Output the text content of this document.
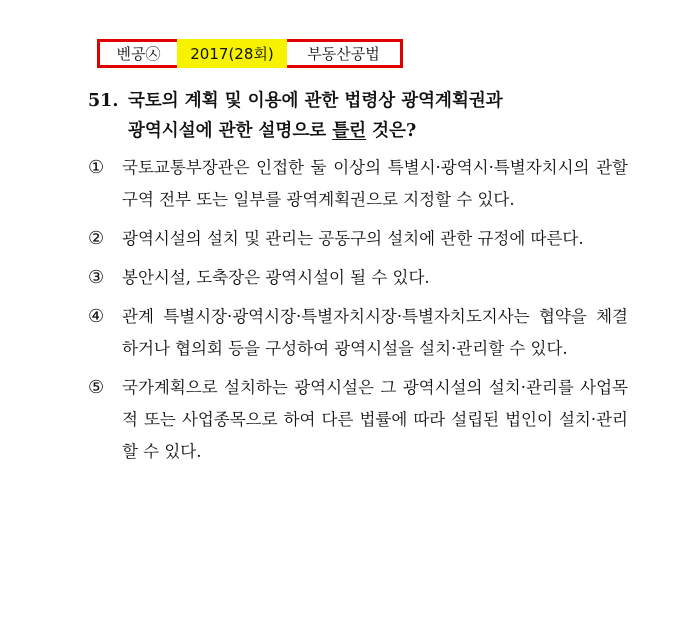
벤공㉦	2017(28회)	부동산공법
51. 국토의 계획 및 이용에 관한 법령상 광역계획권과
광역시설에 관한 설명으로 틀린 것은?
①	국토교통부장관은 인접한 둘 이상의 특별시·광역시·특별자치시의 관할 구역 전부 또는 일부를 광역계획권으로 지정할 수 있다.
②	광역시설의 설치 및 관리는 공동구의 설치에 관한 규정에 따른다.
③	봉안시설, 도축장은 광역시설이 될 수 있다.
④	관계 특별시장·광역시장·특별자치시장·특별자치도지사는 협약을 체결하거나 협의회 등을 구성하여 광역시설을 설치·관리할 수 있다.
⑤	국가계획으로 설치하는 광역시설은 그 광역시설의 설치·관리를 사업목적 또는 사업종목으로 하여 다른 법률에 따라 설립된 법인이 설치·관리할 수 있다.
